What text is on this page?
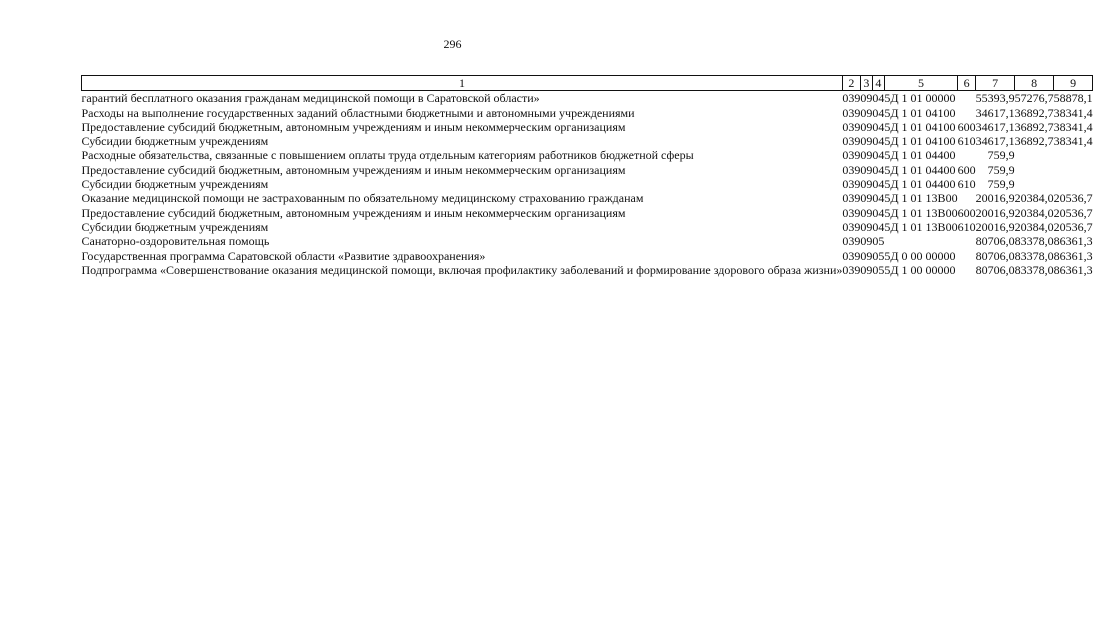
296
1	2	3	4	5	6	7	8	9
гарантий бесплатного оказания гражданам медицинской помощи в Саратовской области»	039	09	04	5Д 1 01 00000		55393,9	57276,7	58878,1
Расходы на выполнение государственных заданий областными бюджетными и автономными учреждениями	039	09	04	5Д 1 01 04100		34617,1	36892,7	38341,4
Предоставление субсидий бюджетным, автономным учреждениям и иным некоммерческим организациям	039	09	04	5Д 1 01 04100	600	34617,1	36892,7	38341,4
Субсидии бюджетным учреждениям	039	09	04	5Д 1 01 04100	610	34617,1	36892,7	38341,4
Расходные обязательства, связанные с повышением оплаты труда отдельным категориям работников бюджетной сферы	039	09	04	5Д 1 01 04400		759,9		
Предоставление субсидий бюджетным, автономным учреждениям и иным некоммерческим организациям	039	09	04	5Д 1 01 04400	600	759,9		
Субсидии бюджетным учреждениям	039	09	04	5Д 1 01 04400	610	759,9		
Оказание медицинской помощи не застрахованным по обязательному медицинскому страхованию гражданам	039	09	04	5Д 1 01 13В00		20016,9	20384,0	20536,7
Предоставление субсидий бюджетным, автономным учреждениям и иным некоммерческим организациям	039	09	04	5Д 1 01 13В00	600	20016,9	20384,0	20536,7
Субсидии бюджетным учреждениям	039	09	04	5Д 1 01 13В00	610	20016,9	20384,0	20536,7
Санаторно-оздоровительная помощь	039	09	05			80706,0	83378,0	86361,3
Государственная программа Саратовской области «Развитие здравоохранения»	039	09	05	5Д 0 00 00000		80706,0	83378,0	86361,3
Подпрограмма «Совершенствование оказания медицинской помощи, включая профилактику заболеваний и формирование здорового образа жизни»	039	09	05	5Д 1 00 00000		80706,0	83378,0	86361,3
